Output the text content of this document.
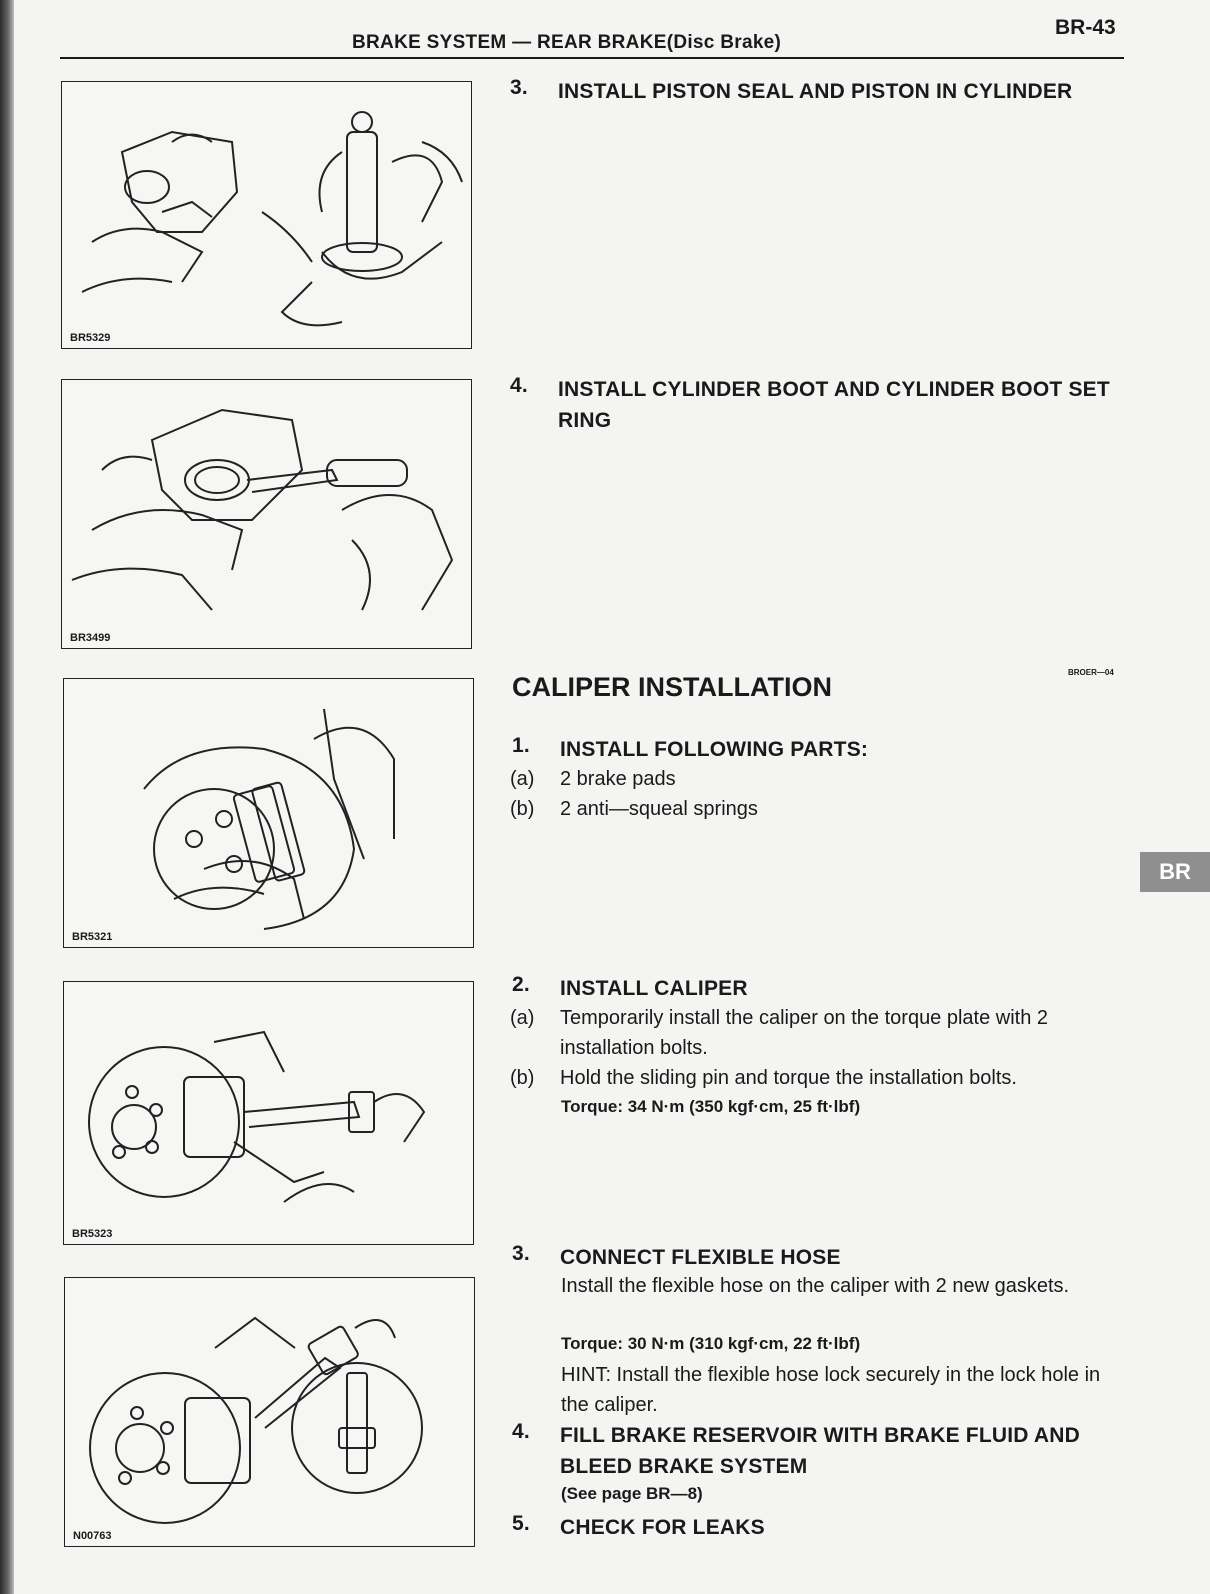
BRAKE SYSTEM — REAR BRAKE(Disc Brake)
BR-43
BR5329
BR3499
BR5321
BR5323
N00763
3. INSTALL PISTON SEAL AND PISTON IN CYLINDER
4. INSTALL CYLINDER BOOT AND CYLINDER BOOT SET RING
CALIPER INSTALLATION	BROER—04
1. INSTALL FOLLOWING PARTS:
(a) 2 brake pads
(b) 2 anti—squeal springs
2. INSTALL CALIPER
(a) Temporarily install the caliper on the torque plate with 2 installation bolts.
(b) Hold the sliding pin and torque the installation bolts.
Torque: 34 N·m (350 kgf·cm, 25 ft·lbf)
3. CONNECT FLEXIBLE HOSE
Install the flexible hose on the caliper with 2 new gaskets.
Torque: 30 N·m (310 kgf·cm, 22 ft·lbf)
HINT: Install the flexible hose lock securely in the lock hole in the caliper.
4. FILL BRAKE RESERVOIR WITH BRAKE FLUID AND BLEED BRAKE SYSTEM
(See page BR—8)
5. CHECK FOR LEAKS
BR
